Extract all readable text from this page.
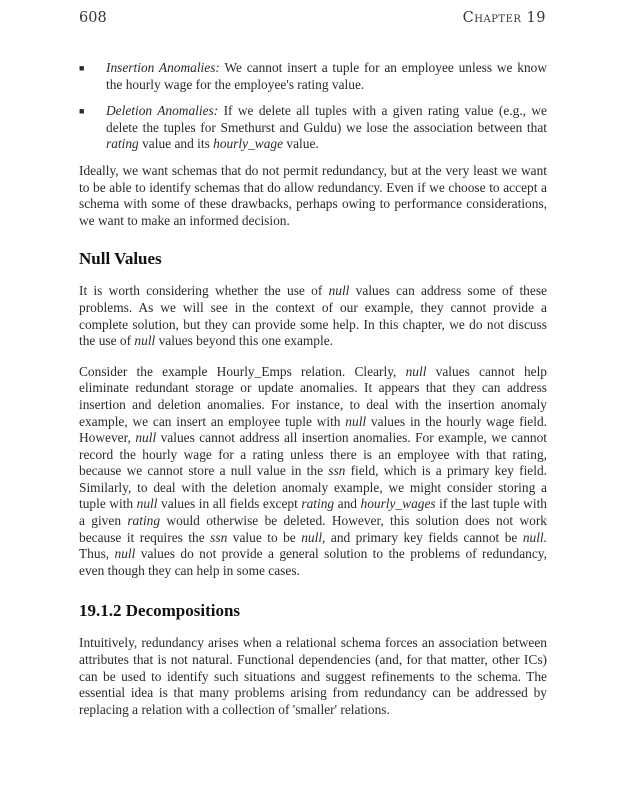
608	Chapter 19
■ Insertion Anomalies: We cannot insert a tuple for an employee unless we know the hourly wage for the employee's rating value.
■ Deletion Anomalies: If we delete all tuples with a given rating value (e.g., we delete the tuples for Smethurst and Guldu) we lose the association between that rating value and its hourly_wage value.

Ideally, we want schemas that do not permit redundancy, but at the very least we want to be able to identify schemas that do allow redundancy. Even if we choose to accept a schema with some of these drawbacks, perhaps owing to performance considerations, we want to make an informed decision.

Null Values

It is worth considering whether the use of null values can address some of these problems. As we will see in the context of our example, they cannot provide a complete solution, but they can provide some help. In this chapter, we do not discuss the use of null values beyond this one example.

Consider the example Hourly_Emps relation. Clearly, null values cannot help eliminate redundant storage or update anomalies. It appears that they can address insertion and deletion anomalies. For instance, to deal with the insertion anomaly example, we can insert an employee tuple with null values in the hourly wage field. However, null values cannot address all insertion anomalies. For example, we cannot record the hourly wage for a rating unless there is an employee with that rating, because we cannot store a null value in the ssn field, which is a primary key field. Similarly, to deal with the deletion anomaly example, we might consider storing a tuple with null values in all fields except rating and hourly_wages if the last tuple with a given rating would otherwise be deleted. However, this solution does not work because it requires the ssn value to be null, and primary key fields cannot be null. Thus, null values do not provide a general solution to the problems of redundancy, even though they can help in some cases.

19.1.2 Decompositions

Intuitively, redundancy arises when a relational schema forces an association between attributes that is not natural. Functional dependencies (and, for that matter, other ICs) can be used to identify such situations and suggest refinements to the schema. The essential idea is that many problems arising from redundancy can be addressed by replacing a relation with a collection of 'smaller' relations.
